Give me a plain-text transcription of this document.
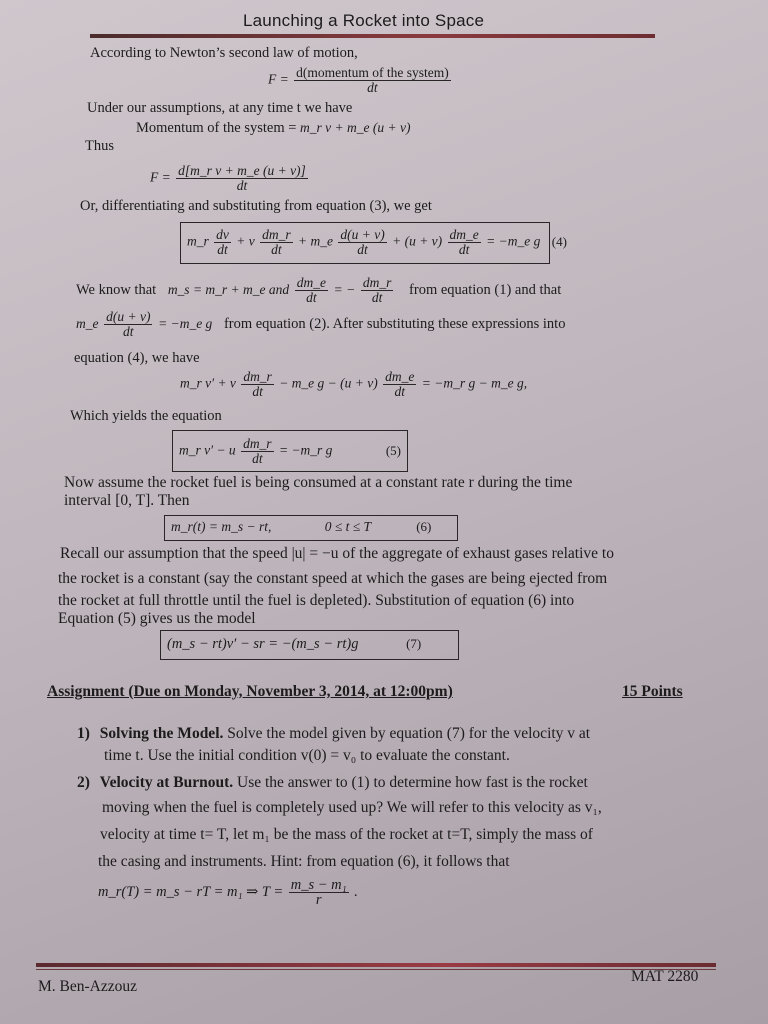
Launching a Rocket into Space
According to Newton’s second law of motion,
$F = \frac{\text{d(momentum of the system)}}{dt}$
Under our assumptions, at any time t we have
Momentum of the system = m_r v + m_e (u + v)
Thus
$F = \frac{\text{d[m\_r v + m\_e (u + v)]}}{dt}$
Or, differentiating and substituting from equation (3), we get
m_r $\frac{dv}{dt} + v \frac{dm\_r}{dt}$ + m_e $\frac{d(u + v)}{dt} + (u + v) \frac{dm\_e}{dt}$ = −m_e g (4)
We know that m_s = m_r + m_e and $\frac{dm\_e}{dt}$ = − $\frac{dm\_r}{dt}$ from equation (1) and that
m_e $\frac{d(u + v)}{dt}$ = −m_e g from equation (2). After substituting these expressions into
equation (4), we have
m_r v′ + v $\frac{dm\_r}{dt}$ − m_e $g - (u + v) \frac{dm\_e}{dt}$ = −m_r g − m_e g,
Which yields the equation
m_r v′ − u $\frac{dm\_r}{dt}$ = −m_r g	(5)
Now assume the rocket fuel is being consumed at a constant rate r during the time
interval [0, T]. Then
m_r(t) = m_s − rt,	0 ≤ t ≤ T	(6)
Recall our assumption that the speed |u| = −u of the aggregate of exhaust gases relative to
the rocket is a constant (say the constant speed at which the gases are being ejected from
the rocket at full throttle until the fuel is depleted). Substitution of equation (6) into
Equation (5) gives us the model
(m_s − rt)v′ − sr = −(m_s − rt)g	(7)
Assignment (Due on Monday, November 3, 2014, at 12:00pm)	15 Points
1) Solving the Model. Solve the model given by equation (7) for the velocity v at
time t. Use the initial condition v(0) = v₀ to evaluate the constant.
2) Velocity at Burnout. Use the answer to (1) to determine how fast is the rocket
moving when the fuel is completely used up? We will refer to this velocity as v₁,
velocity at time t= T, let m₁ be the mass of the rocket at t=T, simply the mass of
the casing and instruments. Hint: from equation (6), it follows that
m_r(T) = m_s − rT = m₁ ⇒ $T = \frac{\text{m\_s − m₁}}{r}$ .
M. Ben-Azzouz
MAT 2280
